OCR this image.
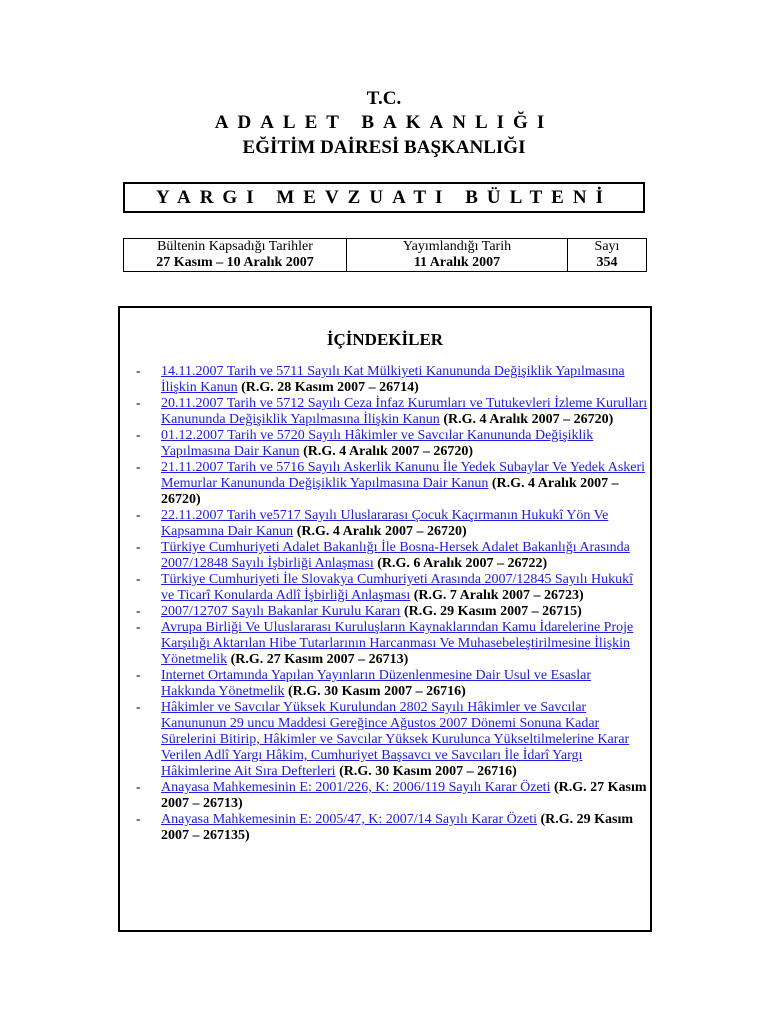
T.C.
ADALET BAKANLIĞI
EĞİTİM DAİRESİ BAŞKANLIĞI
YARGI MEVZUATI BÜLTENİ
Bültenin Kapsadığı Tarihler
27 Kasım – 10 Aralık 2007

Yayımlandığı Tarih
11 Aralık 2007

Sayı
354
İÇİNDEKİLER
- 14.11.2007 Tarih ve 5711 Sayılı Kat Mülkiyeti Kanununda Değişiklik Yapılmasına İlişkin Kanun (R.G. 28 Kasım 2007 – 26714)
- 20.11.2007 Tarih ve 5712 Sayılı Ceza İnfaz Kurumları ve Tutukevleri İzleme Kurulları Kanununda Değişiklik Yapılmasına İlişkin Kanun (R.G. 4 Aralık 2007 – 26720)
- 01.12.2007 Tarih ve 5720 Sayılı Hâkimler ve Savcılar Kanununda Değişiklik Yapılmasına Dair Kanun (R.G. 4 Aralık 2007 – 26720)
- 21.11.2007 Tarih ve 5716 Sayılı Askerlik Kanunu İle Yedek Subaylar Ve Yedek Askeri Memurlar Kanununda Değişiklik Yapılmasına Dair Kanun (R.G. 4 Aralık 2007 – 26720)
- 22.11.2007 Tarih ve5717 Sayılı Uluslararası Çocuk Kaçırmanın Hukukî Yön Ve Kapsamına Dair Kanun (R.G. 4 Aralık 2007 – 26720)
- Türkiye Cumhuriyeti Adalet Bakanlığı İle Bosna-Hersek Adalet Bakanlığı Arasında 2007/12848 Sayılı İşbirliği Anlaşması (R.G. 6 Aralık 2007 – 26722)
- Türkiye Cumhuriyeti İle Slovakya Cumhuriyeti Arasında 2007/12845 Sayılı Hukukî ve Ticarî Konularda Adlî İşbirliği Anlaşması (R.G. 7 Aralık 2007 – 26723)
- 2007/12707 Sayılı Bakanlar Kurulu Kararı (R.G. 29 Kasım 2007 – 26715)
- Avrupa Birliği Ve Uluslararası Kuruluşların Kaynaklarından Kamu İdarelerine Proje Karşılığı Aktarılan Hibe Tutarlarının Harcanması Ve Muhasebeleştirilmesine İlişkin Yönetmelik (R.G. 27 Kasım 2007 – 26713)
- Internet Ortamında Yapılan Yayınların Düzenlenmesine Dair Usul ve Esaslar Hakkında Yönetmelik (R.G. 30 Kasım 2007 – 26716)
- Hâkimler ve Savcılar Yüksek Kurulundan 2802 Sayılı Hâkimler ve Savcılar Kanununun 29 uncu Maddesi Gereğince Ağustos 2007 Dönemi Sonuna Kadar Sürelerini Bitirip, Hâkimler ve Savcılar Yüksek Kurulunca Yükseltilmelerine Karar Verilen Adlî Yargı Hâkim, Cumhuriyet Başsavcı ve Savcıları İle İdarî Yargı Hâkimlerine Ait Sıra Defterleri (R.G. 30 Kasım 2007 – 26716)
- Anayasa Mahkemesinin E: 2001/226, K: 2006/119 Sayılı Karar Özeti (R.G. 27 Kasım 2007 – 26713)
- Anayasa Mahkemesinin E: 2005/47, K: 2007/14 Sayılı Karar Özeti (R.G. 29 Kasım 2007 – 267135)
